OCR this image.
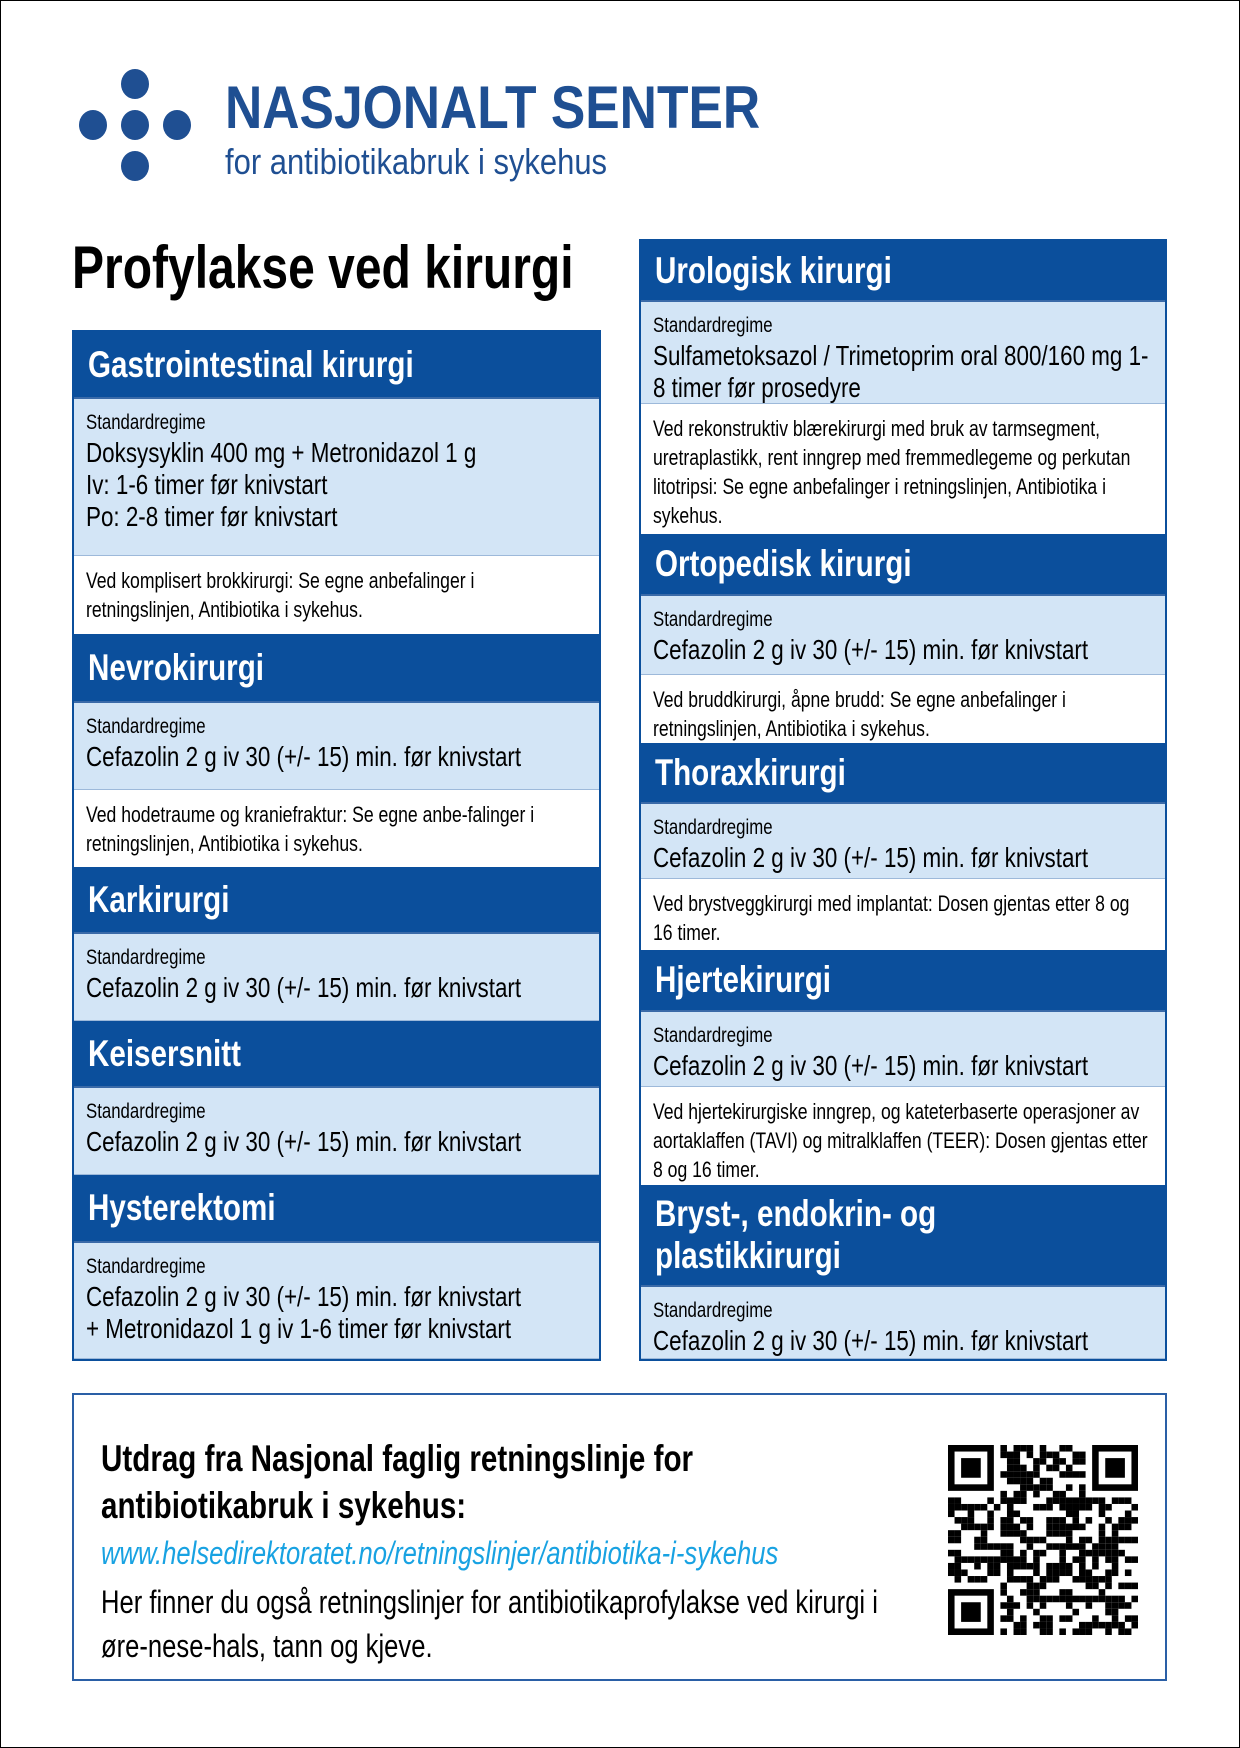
NASJONALT SENTER
for antibiotikabruk i sykehus
Profylakse ved kirurgi
Gastrointestinal kirurgi
Standardregime
Doksysyklin 400 mg + Metronidazol 1 g
Iv: 1-6 timer før knivstart
Po: 2-8 timer før knivstart
Ved komplisert brokkirurgi: Se egne anbefalinger i retningslinjen, Antibiotika i sykehus.
Nevrokirurgi
Standardregime
Cefazolin 2 g iv 30 (+/- 15) min. før knivstart
Ved hodetraume og kraniefraktur: Se egne anbe-falinger i retningslinjen, Antibiotika i sykehus.
Karkirurgi
Standardregime
Cefazolin 2 g iv 30 (+/- 15) min. før knivstart
Keisersnitt
Standardregime
Cefazolin 2 g iv 30 (+/- 15) min. før knivstart
Hysterektomi
Standardregime
Cefazolin 2 g iv 30 (+/- 15) min. før knivstart
+ Metronidazol 1 g iv 1-6 timer før knivstart
Urologisk kirurgi
Standardregime
Sulfametoksazol / Trimetoprim oral 800/160 mg 1-8 timer før prosedyre
Ved rekonstruktiv blærekirurgi med bruk av tarmsegment, uretraplastikk, rent inngrep med fremmedlegeme og perkutan litotripsi: Se egne anbefalinger i retningslinjen, Antibiotika i sykehus.
Ortopedisk kirurgi
Standardregime
Cefazolin 2 g iv 30 (+/- 15) min. før knivstart
Ved bruddkirurgi, åpne brudd: Se egne anbefalinger i retningslinjen, Antibiotika i sykehus.
Thoraxkirurgi
Standardregime
Cefazolin 2 g iv 30 (+/- 15) min. før knivstart
Ved brystveggkirurgi med implantat: Dosen gjentas etter 8 og 16 timer.
Hjertekirurgi
Standardregime
Cefazolin 2 g iv 30 (+/- 15) min. før knivstart
Ved hjertekirurgiske inngrep, og kateterbaserte operasjoner av aortaklaffen (TAVI) og mitralklaffen (TEER): Dosen gjentas etter 8 og 16 timer.
Bryst-, endokrin- og plastikkirurgi
Standardregime
Cefazolin 2 g iv 30 (+/- 15) min. før knivstart
Utdrag fra Nasjonal faglig retningslinje for antibiotikabruk i sykehus:
www.helsedirektoratet.no/retningslinjer/antibiotika-i-sykehus
Her finner du også retningslinjer for antibiotikaprofylakse ved kirurgi i øre-nese-hals, tann og kjeve.
